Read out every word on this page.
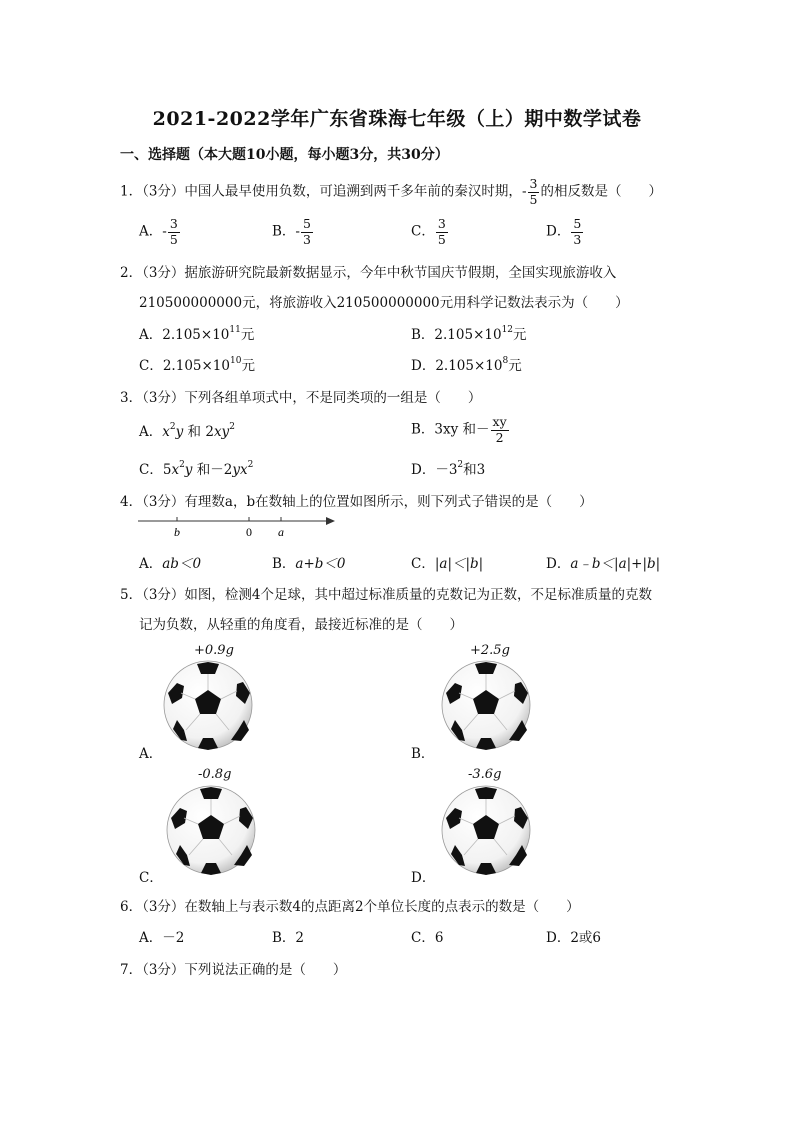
2021-2022学年广东省珠海七年级（上）期中数学试卷
一、选择题（本大题10小题，每小题3分，共30分）
1．（3分）中国人最早使用负数，可追溯到两千多年前的秦汉时期，- $\frac{3}{5}$ 的相反数是（　　）
A．- $\frac{3}{5}$	B．- $\frac{5}{3}$	C． $\frac{3}{5}$	D． $\frac{5}{3}$
2．（3分）据旅游研究院最新数据显示，今年中秋节国庆节假期，全国实现旅游收入
210500000000元，将旅游收入210500000000元用科学记数法表示为（　　）
A．$2.105\times 10^{11}$元	B．$2.105\times 10^{12}$元
C．$2.105\times 10^{10}$元	D．$2.105\times 10^8$元
3．（3分）下列各组单项式中，不是同类项的一组是（　　）
A．$x^2y$ 和 $2xy^2$	B．3xy 和－ $\frac{xy}{2}$
C．$5x^2y$ 和$-2yx^2$	D．$-3^2$和3
4．（3分）有理数a，b在数轴上的位置如图所示，则下列式子错误的是（　　）
b	0 a
A．ab＜0	B．a+b＜0	C．|a|＜|b|	D．a﹣b＜|a|+|b|
5．（3分）如图，检测4个足球，其中超过标准质量的克数记为正数，不足标准质量的克数
记为负数，从轻重的角度看，最接近标准的是（　　）
+0.9g
A．
+2.5g
B．
-0.8g
C．
-3.6g
D．
6．（3分）在数轴上与表示数4的点距离2个单位长度的点表示的数是（　　）
A．－2	B．2	C．6	D．2或6
7．（3分）下列说法正确的是（　　）
